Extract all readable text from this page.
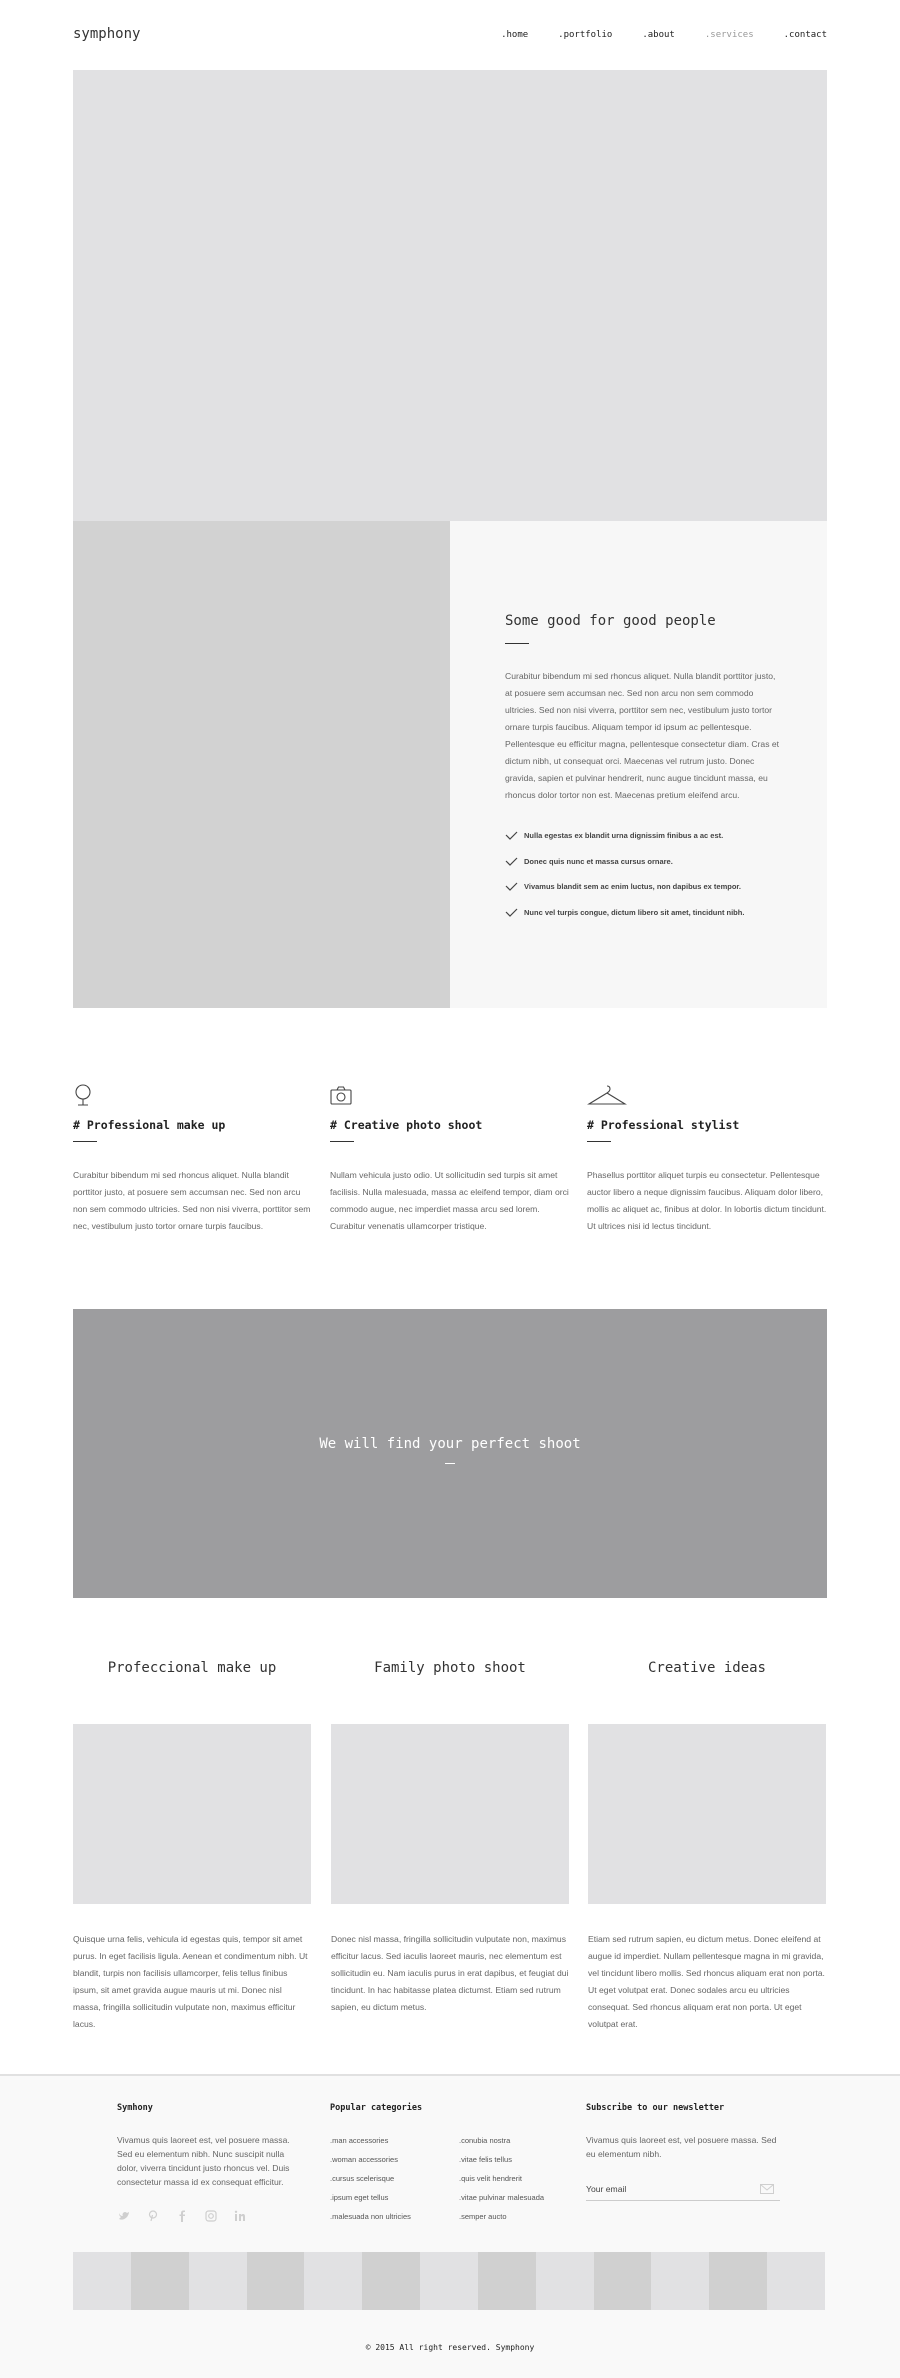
symphony	.home	.portfolio	.about	.services	.contact
Some good for good people

Curabitur bibendum mi sed rhoncus aliquet. Nulla blandit porttitor justo, at posuere sem accumsan nec. Sed non arcu non sem commodo ultricies. Sed non nisi viverra, porttitor sem nec, vestibulum justo tortor ornare turpis faucibus. Aliquam tempor id ipsum ac pellentesque. Pellentesque eu efficitur magna, pellentesque consectetur diam. Cras et dictum nibh, ut consequat orci. Maecenas vel rutrum justo. Donec gravida, sapien et pulvinar hendrerit, nunc augue tincidunt massa, eu rhoncus dolor tortor non est. Maecenas pretium eleifend arcu.

Nulla egestas ex blandit urna dignissim finibus a ac est.
Donec quis nunc et massa cursus ornare.
Vivamus blandit sem ac enim luctus, non dapibus ex tempor.
Nunc vel turpis congue, dictum libero sit amet, tincidunt nibh.
# Professional make up

Curabitur bibendum mi sed rhoncus aliquet. Nulla blandit porttitor justo, at posuere sem accumsan nec. Sed non arcu non sem commodo ultricies. Sed non nisi viverra, porttitor sem nec, vestibulum justo tortor ornare turpis faucibus.

# Creative photo shoot

Nullam vehicula justo odio. Ut sollicitudin sed turpis sit amet facilisis. Nulla malesuada, massa ac eleifend tempor, diam orci commodo augue, nec imperdiet massa arcu sed lorem. Curabitur venenatis ullamcorper tristique.

# Professional stylist

Phasellus porttitor aliquet turpis eu consectetur. Pellentesque auctor libero a neque dignissim faucibus. Aliquam dolor libero, mollis ac aliquet ac, finibus at dolor. In lobortis dictum tincidunt. Ut ultrices nisi id lectus tincidunt.

We will find your perfect shoot
Profeccional make up

Quisque urna felis, vehicula id egestas quis, tempor sit amet purus. In eget facilisis ligula. Aenean et condimentum nibh. Ut blandit, turpis non facilisis ullamcorper, felis tellus finibus ipsum, sit amet gravida augue mauris ut mi. Donec nisl massa, fringilla sollicitudin vulputate non, maximus efficitur lacus.

Family photo shoot

Donec nisl massa, fringilla sollicitudin vulputate non, maximus efficitur lacus. Sed iaculis laoreet mauris, nec elementum est sollicitudin eu. Nam iaculis purus in erat dapibus, et feugiat dui tincidunt. In hac habitasse platea dictumst. Etiam sed rutrum sapien, eu dictum metus.

Creative ideas

Etiam sed rutrum sapien, eu dictum metus. Donec eleifend at augue id imperdiet. Nullam pellentesque magna in mi gravida, vel tincidunt libero mollis. Sed rhoncus aliquam erat non porta. Ut eget volutpat erat. Donec sodales arcu eu ultricies consequat. Sed rhoncus aliquam erat non porta. Ut eget volutpat erat.

Symhony

Vivamus quis laoreet est, vel posuere massa. Sed eu elementum nibh. Nunc suscipit nulla dolor, viverra tincidunt justo rhoncus vel. Duis consectetur massa id ex consequat efficitur.

Popular categories
.man accessories
.woman accessories
.cursus scelerisque
.ipsum eget tellus
.malesuada non ultricies
.conubia nostra
.vitae felis tellus
.quis velit hendrerit
.vitae pulvinar malesuada
.semper aucto
Subscribe to our newsletter

Vivamus quis laoreet est, vel posuere massa. Sed eu elementum nibh.

Your email
© 2015 All right reserved. Symphony
